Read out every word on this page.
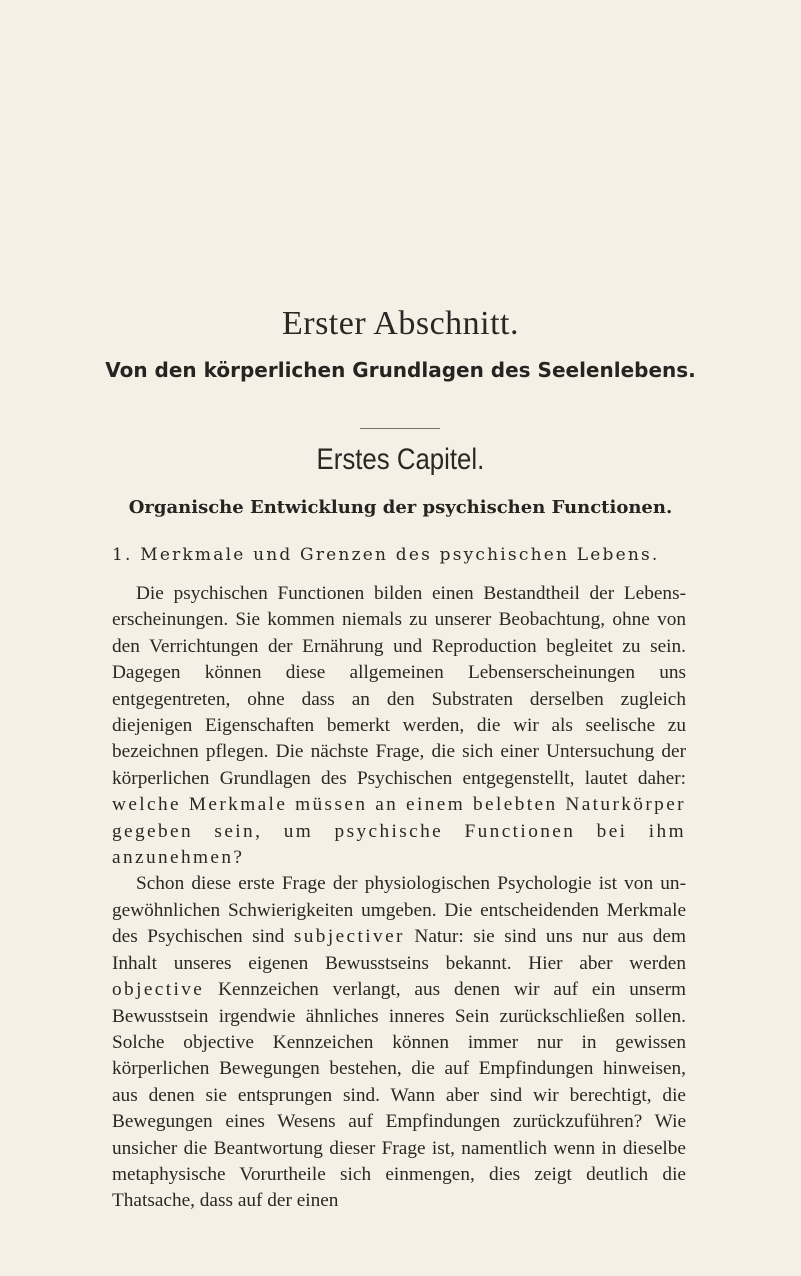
Erster Abschnitt.
Von den körperlichen Grundlagen des Seelenlebens.
Erstes Capitel.
Organische Entwicklung der psychischen Functionen.
1. Merkmale und Grenzen des psychischen Lebens.

Die psychischen Functionen bilden einen Bestandtheil der Lebenserscheinungen. Sie kommen niemals zu unserer Beobachtung, ohne von den Verrichtungen der Ernährung und Reproduction begleitet zu sein. Dagegen können diese allgemeinen Lebenserscheinungen uns entgegentreten, ohne dass an den Substraten derselben zugleich diejenigen Eigenschaften bemerkt werden, die wir als seelische zu bezeichnen pflegen. Die nächste Frage, die sich einer Untersuchung der körperlichen Grundlagen des Psychischen entgegenstellt, lautet daher: welche Merkmale müssen an einem belebten Naturkörper gegeben sein, um psychische Functionen bei ihm anzunehmen?

Schon diese erste Frage der physiologischen Psychologie ist von ungewöhnlichen Schwierigkeiten umgeben. Die entscheidenden Merkmale des Psychischen sind subjectiver Natur: sie sind uns nur aus dem Inhalt unseres eigenen Bewusstseins bekannt. Hier aber werden objective Kennzeichen verlangt, aus denen wir auf ein unserm Bewusstsein irgendwie ähnliches inneres Sein zurückschließen sollen. Solche objective Kennzeichen können immer nur in gewissen körperlichen Bewegungen bestehen, die auf Empfindungen hinweisen, aus denen sie entsprungen sind. Wann aber sind wir berechtigt, die Bewegungen eines Wesens auf Empfindungen zurückzuführen? Wie unsicher die Beantwortung dieser Frage ist, namentlich wenn in dieselbe metaphysische Vorurtheile sich einmengen, dies zeigt deutlich die Thatsache, dass auf der einen
